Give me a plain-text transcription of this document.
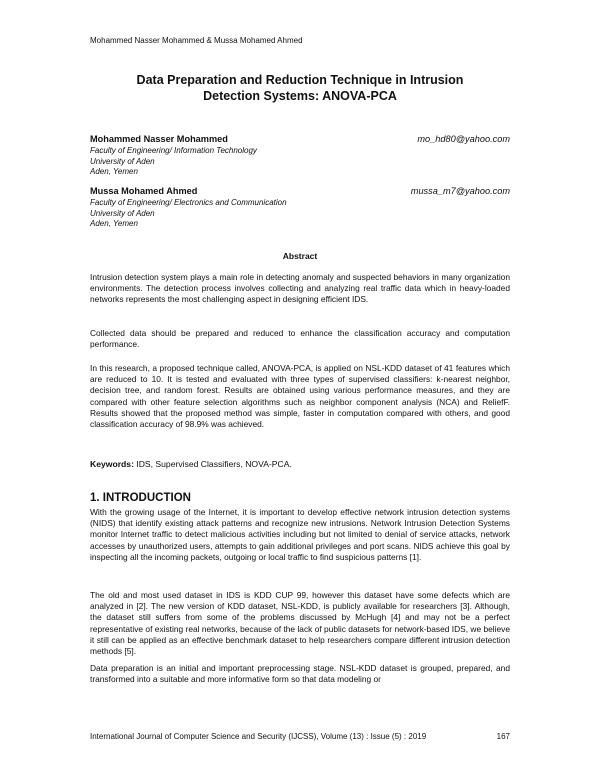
Mohammed Nasser Mohammed & Mussa Mohamed Ahmed
Data Preparation and Reduction Technique in Intrusion
Detection Systems: ANOVA-PCA
Mohammed Nasser Mohammed	mo_hd80@yahoo.com
Faculty of Engineering/ Information Technology
University of Aden
Aden, Yemen
Mussa Mohamed Ahmed	mussa_m7@yahoo.com
Faculty of Engineering/ Electronics and Communication
University of Aden
Aden, Yemen
Abstract

Intrusion detection system plays a main role in detecting anomaly and suspected behaviors in many organization environments. The detection process involves collecting and analyzing real traffic data which in heavy-loaded networks represents the most challenging aspect in designing efficient IDS.

Collected data should be prepared and reduced to enhance the classification accuracy and computation performance.

In this research, a proposed technique called, ANOVA-PCA, is applied on NSL-KDD dataset of 41 features which are reduced to 10. It is tested and evaluated with three types of supervised classifiers: k-nearest neighbor, decision tree, and random forest. Results are obtained using various performance measures, and they are compared with other feature selection algorithms such as neighbor component analysis (NCA) and ReliefF. Results showed that the proposed method was simple, faster in computation compared with others, and good classification accuracy of 98.9% was achieved.

Keywords: IDS, Supervised Classifiers, NOVA-PCA.
1. INTRODUCTION

With the growing usage of the Internet, it is important to develop effective network intrusion detection systems (NIDS) that identify existing attack patterns and recognize new intrusions. Network Intrusion Detection Systems monitor Internet traffic to detect malicious activities including but not limited to denial of service attacks, network accesses by unauthorized users, attempts to gain additional privileges and port scans. NIDS achieve this goal by inspecting all the incoming packets, outgoing or local traffic to find suspicious patterns [1].

The old and most used dataset in IDS is KDD CUP 99, however this dataset have some defects which are analyzed in [2]. The new version of KDD dataset, NSL-KDD, is publicly available for researchers [3]. Although, the dataset still suffers from some of the problems discussed by McHugh [4] and may not be a perfect representative of existing real networks, because of the lack of public datasets for network-based IDS, we believe it still can be applied as an effective benchmark dataset to help researchers compare different intrusion detection methods [5].

Data preparation is an initial and important preprocessing stage. NSL-KDD dataset is grouped, prepared, and transformed into a suitable and more informative form so that data modeling or

International Journal of Computer Science and Security (IJCSS), Volume (13) : Issue (5) : 2019	167
